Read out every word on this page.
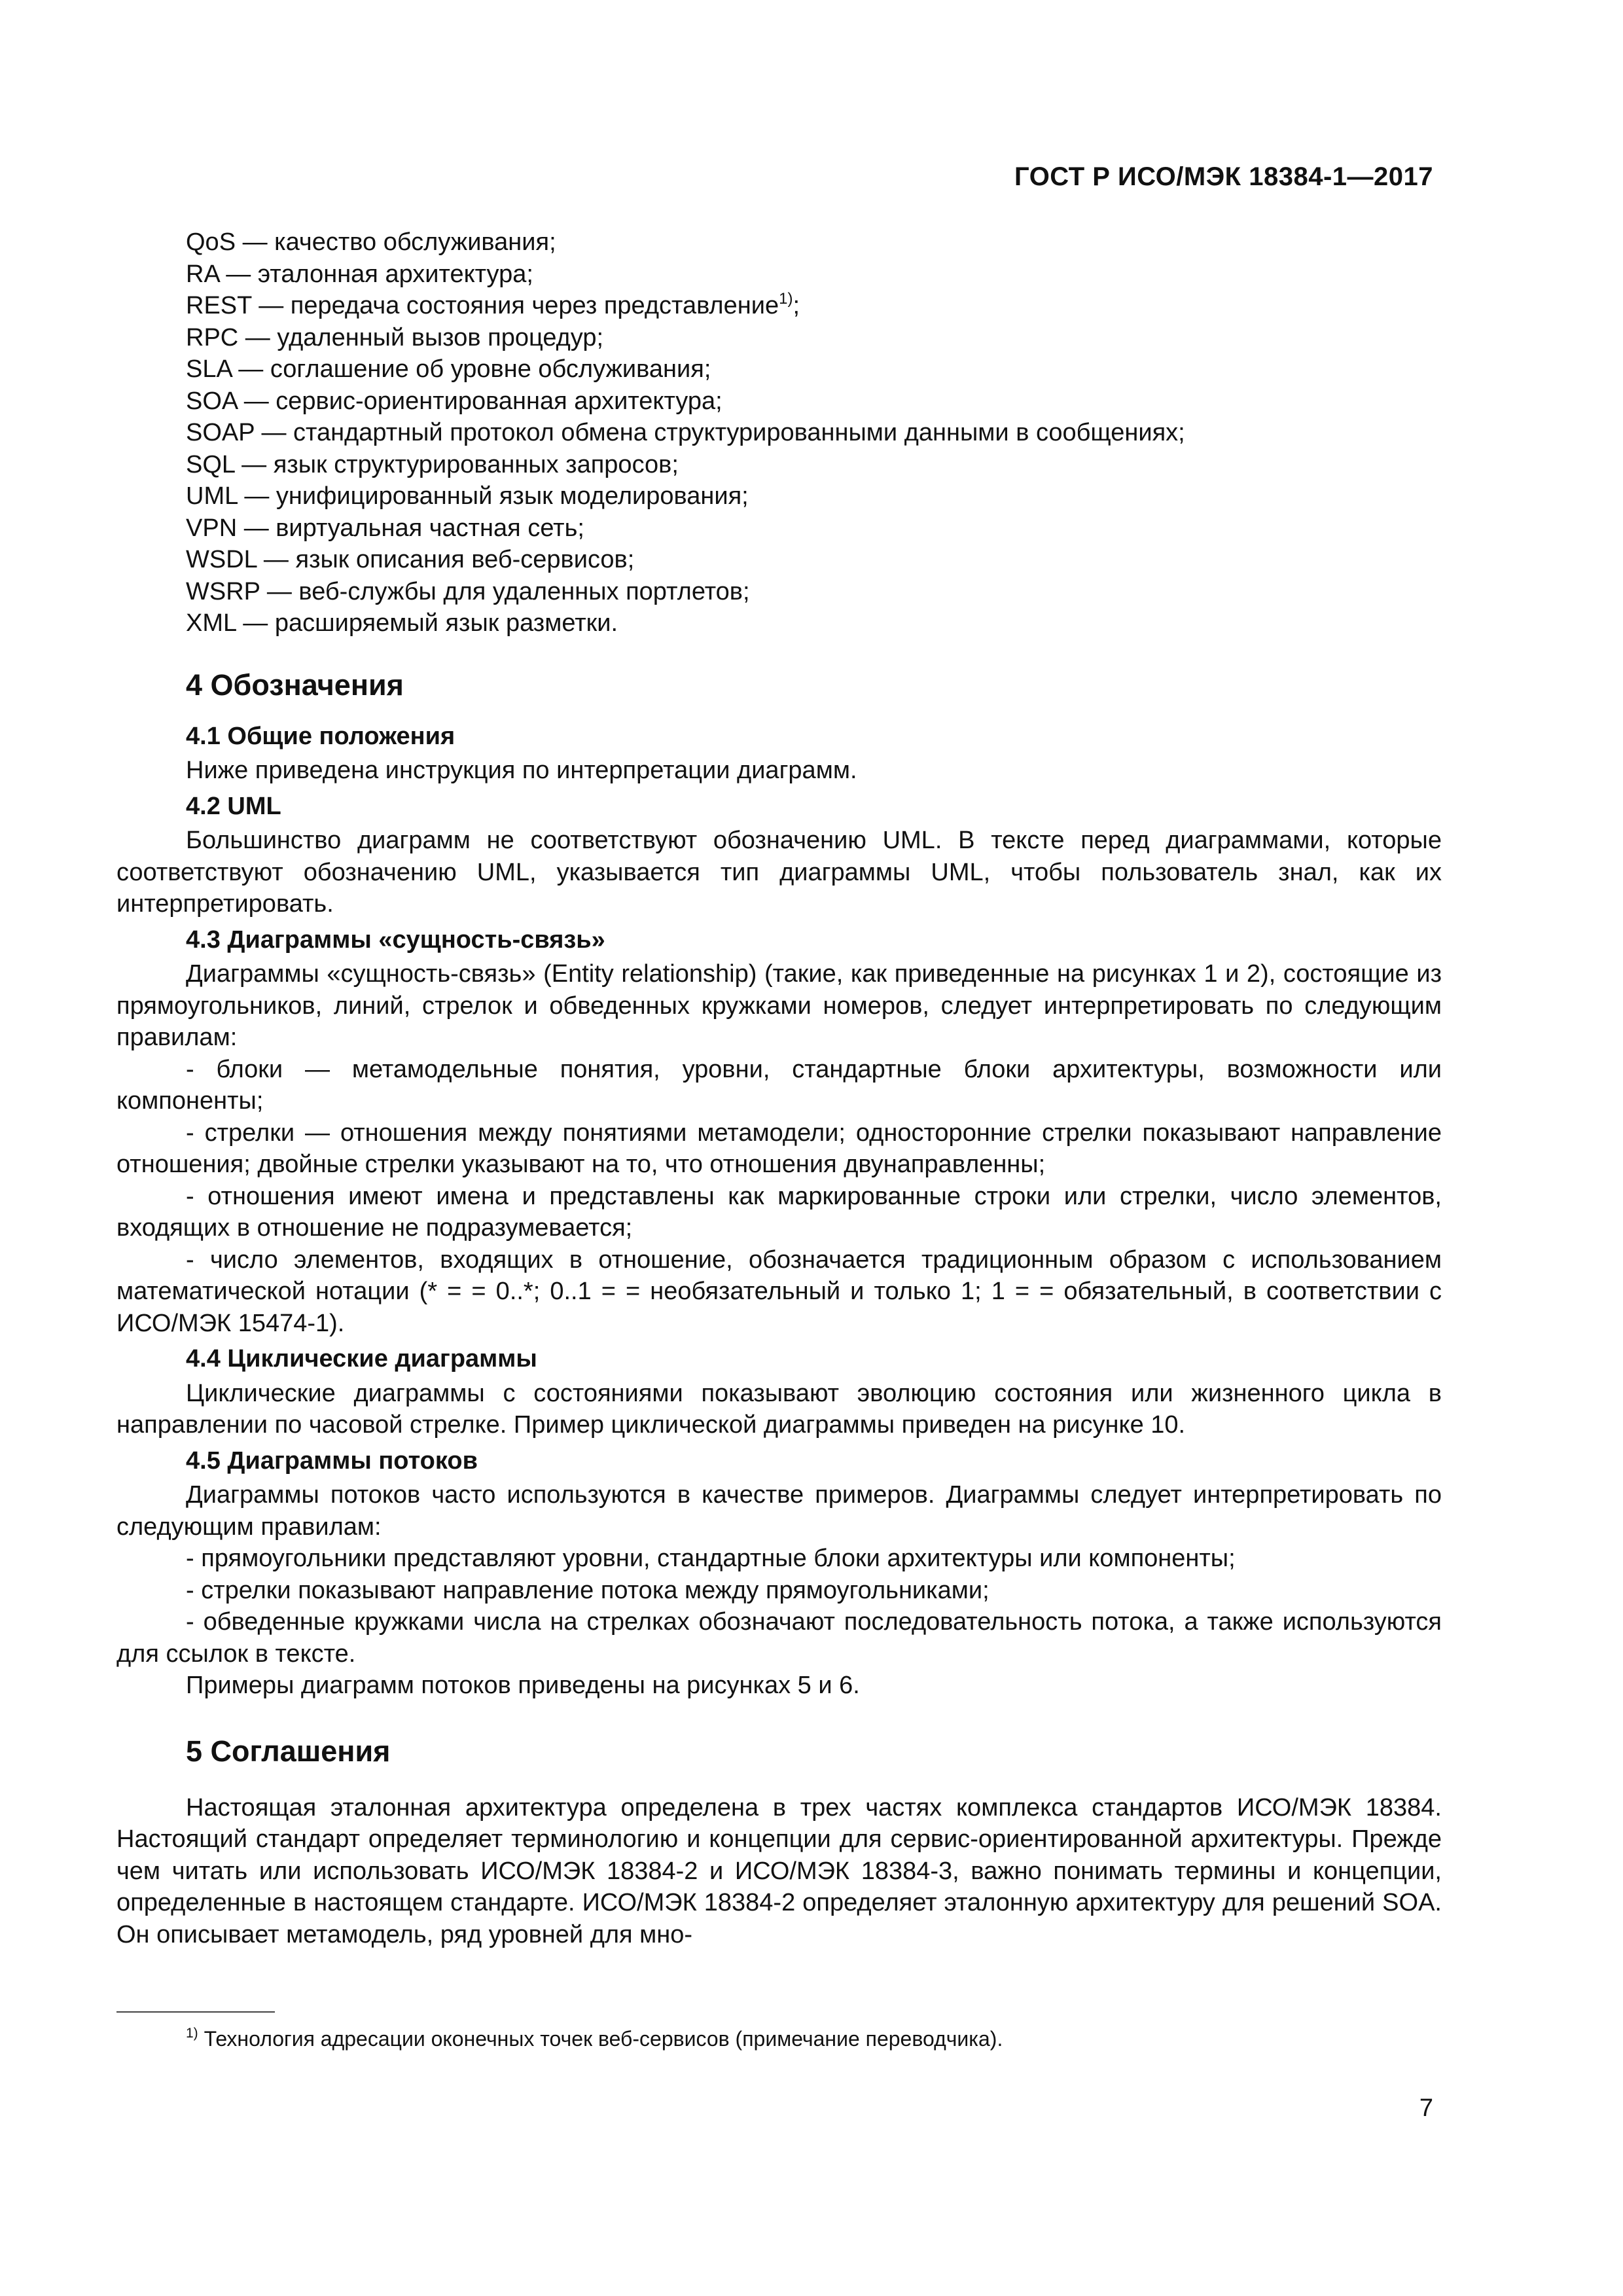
ГОСТ Р ИСО/МЭК 18384-1—2017
QoS — качество обслуживания;
RA — эталонная архитектура;
REST — передача состояния через представление$^{1)}$;
RPC — удаленный вызов процедур;
SLA — соглашение об уровне обслуживания;
SOA — сервис-ориентированная архитектура;
SOAP — стандартный протокол обмена структурированными данными в сообщениях;
SQL — язык структурированных запросов;
UML — унифицированный язык моделирования;
VPN — виртуальная частная сеть;
WSDL — язык описания веб-сервисов;
WSRP — веб-службы для удаленных портлетов;
XML — расширяемый язык разметки.
4 Обозначения
4.1 Общие положения
Ниже приведена инструкция по интерпретации диаграмм.
4.2 UML
Большинство диаграмм не соответствуют обозначению UML. В тексте перед диаграммами, которые соответствуют обозначению UML, указывается тип диаграммы UML, чтобы пользователь знал, как их интерпретировать.
4.3 Диаграммы «сущность-связь»
Диаграммы «сущность-связь» (Entity relationship) (такие, как приведенные на рисунках 1 и 2), состоящие из прямоугольников, линий, стрелок и обведенных кружками номеров, следует интерпретировать по следующим правилам:
- блоки — метамодельные понятия, уровни, стандартные блоки архитектуры, возможности или компоненты;
- стрелки — отношения между понятиями метамодели; односторонние стрелки показывают направление отношения; двойные стрелки указывают на то, что отношения двунаправленны;
- отношения имеют имена и представлены как маркированные строки или стрелки, число элементов, входящих в отношение не подразумевается;
- число элементов, входящих в отношение, обозначается традиционным образом с использованием математической нотации (* = = 0..*; 0..1 = = необязательный и только 1; 1 = = обязательный, в соответствии с ИСО/МЭК 15474-1).
4.4 Циклические диаграммы
Циклические диаграммы с состояниями показывают эволюцию состояния или жизненного цикла в направлении по часовой стрелке. Пример циклической диаграммы приведен на рисунке 10.
4.5 Диаграммы потоков
Диаграммы потоков часто используются в качестве примеров. Диаграммы следует интерпретировать по следующим правилам:
- прямоугольники представляют уровни, стандартные блоки архитектуры или компоненты;
- стрелки показывают направление потока между прямоугольниками;
- обведенные кружками числа на стрелках обозначают последовательность потока, а также используются для ссылок в тексте.
Примеры диаграмм потоков приведены на рисунках 5 и 6.
5 Соглашения
Настоящая эталонная архитектура определена в трех частях комплекса стандартов ИСО/МЭК 18384. Настоящий стандарт определяет терминологию и концепции для сервис-ориентированной архитектуры. Прежде чем читать или использовать ИСО/МЭК 18384-2 и ИСО/МЭК 18384-3, важно понимать термины и концепции, определенные в настоящем стандарте. ИСО/МЭК 18384-2 определяет эталонную архитектуру для решений SOA. Он описывает метамодель, ряд уровней для мно-
$^{1)}$ Технология адресации оконечных точек веб-сервисов (примечание переводчика).
7
